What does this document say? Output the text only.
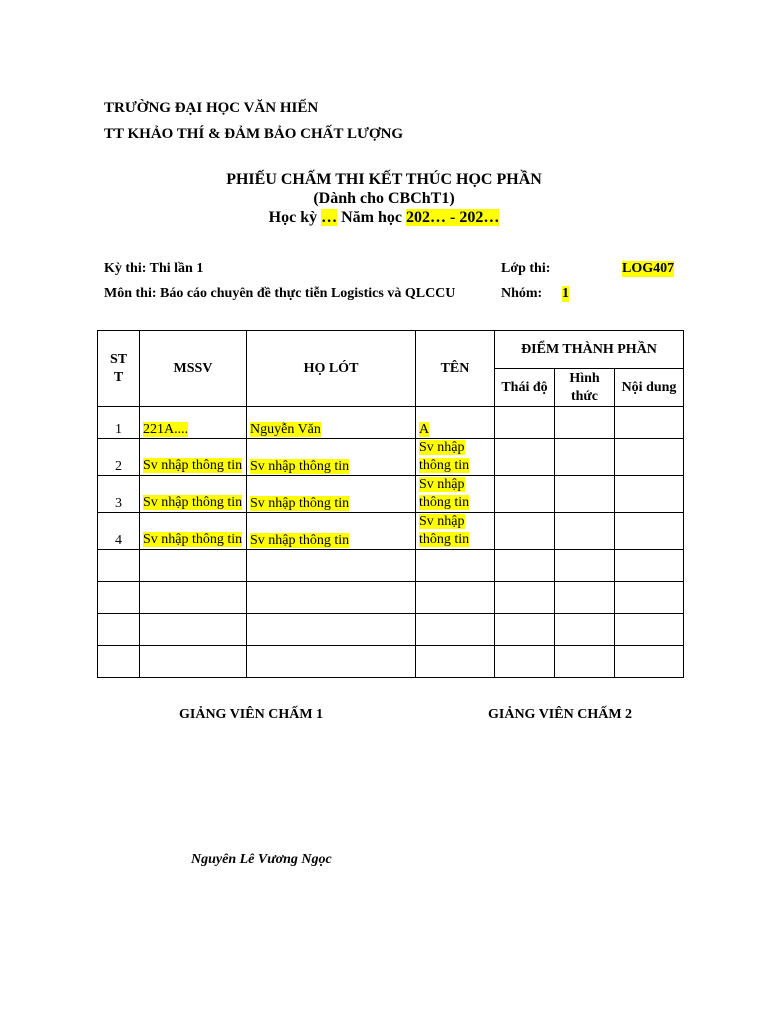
TRƯỜNG ĐẠI HỌC VĂN HIẾN
TT KHẢO THÍ & ĐẢM BẢO CHẤT LƯỢNG
PHIẾU CHẤM THI KẾT THÚC HỌC PHẦN
(Dành cho CBChT1)
Học kỳ … Năm học 202… - 202…
Kỳ thi: Thi lần 1	Lớp thi:	LOG407
Môn thi: Báo cáo chuyên đề thực tiễn Logistics và QLCCU	Nhóm: 1
STT	MSSV	HỌ LÓT	TÊN	ĐIỂM THÀNH PHẦN		
				Thái độ	Hình thức	Nội dung
1	221A....	Nguyễn Văn	A			
2	Sv nhập thông tin	Sv nhập thông tin	Sv nhập thông tin			
3	Sv nhập thông tin	Sv nhập thông tin	Sv nhập thông tin			
4	Sv nhập thông tin	Sv nhập thông tin	Sv nhập thông tin			

GIẢNG VIÊN CHẤM 1	GIẢNG VIÊN CHẤM 2
Nguyên Lê Vương Ngọc
